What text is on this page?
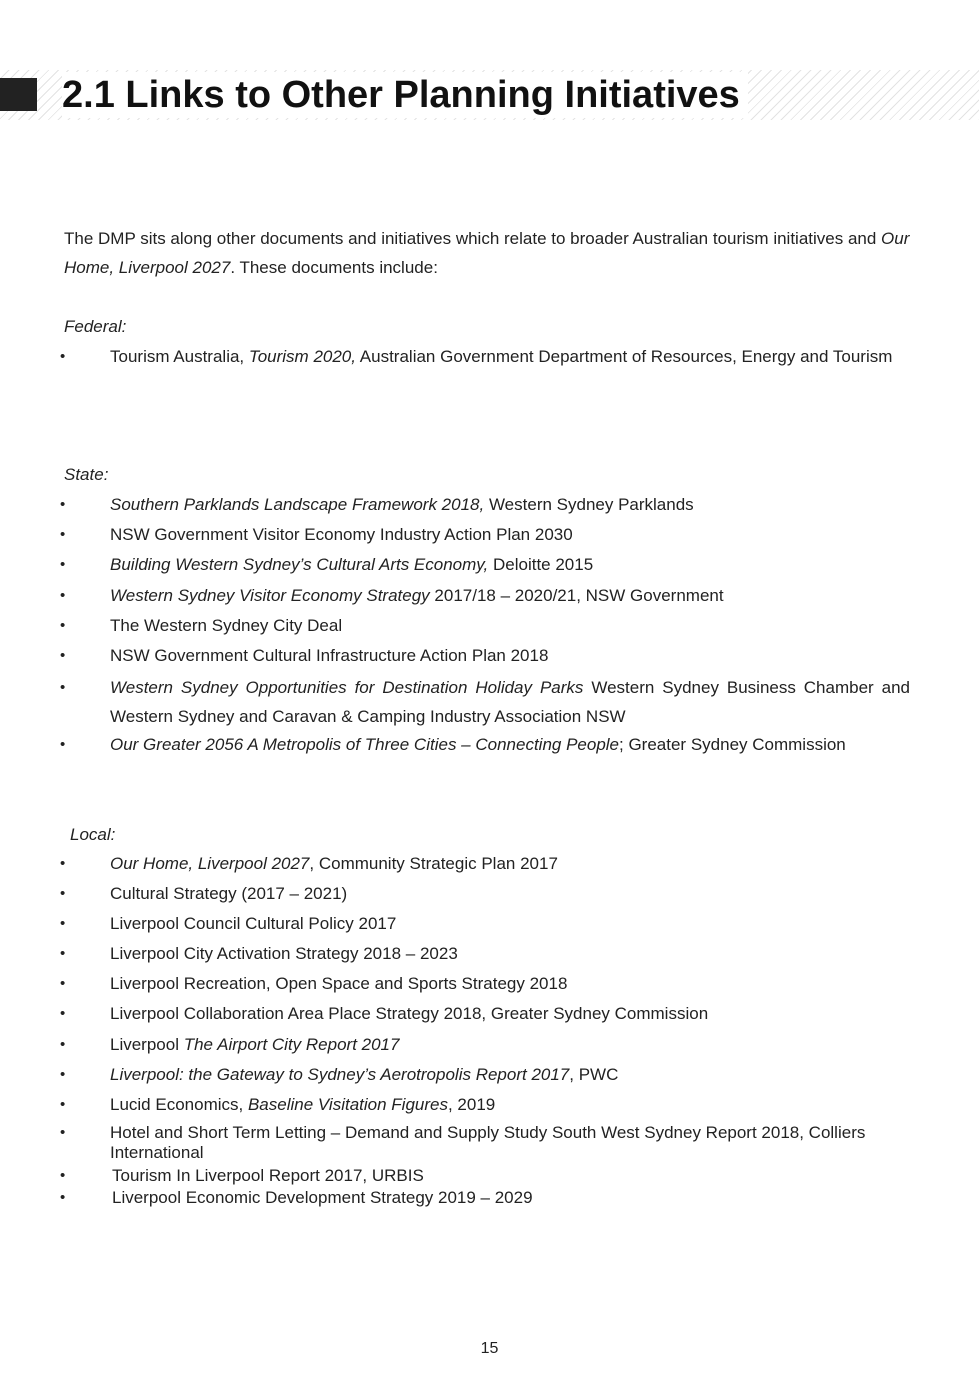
2.1 Links to Other Planning Initiatives

The DMP sits along other documents and initiatives which relate to broader Australian tourism initiatives and Our Home, Liverpool 2027. These documents include:

Federal:

•	Tourism Australia, Tourism 2020, Australian Government Department of Resources, Energy and Tourism

State:

•	Southern Parklands Landscape Framework 2018, Western Sydney Parklands
•	NSW Government Visitor Economy Industry Action Plan 2030
•	Building Western Sydney’s Cultural Arts Economy, Deloitte 2015
•	Western Sydney Visitor Economy Strategy 2017/18 – 2020/21, NSW Government
•	The Western Sydney City Deal
•	NSW Government Cultural Infrastructure Action Plan 2018
•	Western Sydney Opportunities for Destination Holiday Parks Western Sydney Business Chamber and Western Sydney and Caravan & Camping Industry Association NSW
•	Our Greater 2056 A Metropolis of Three Cities – Connecting People; Greater Sydney Commission

Local:

•	Our Home, Liverpool 2027, Community Strategic Plan 2017
•	Cultural Strategy (2017 – 2021)
•	Liverpool Council Cultural Policy 2017
•	Liverpool City Activation Strategy 2018 – 2023
•	Liverpool Recreation, Open Space and Sports Strategy 2018
•	Liverpool Collaboration Area Place Strategy 2018, Greater Sydney Commission
•	Liverpool The Airport City Report 2017
•	Liverpool: the Gateway to Sydney’s Aerotropolis Report 2017, PWC
•	Lucid Economics, Baseline Visitation Figures, 2019
•	Hotel and Short Term Letting – Demand and Supply Study South West Sydney Report 2018, Colliers International
•	Tourism In Liverpool Report 2017, URBIS
•	Liverpool Economic Development Strategy 2019 – 2029
15
